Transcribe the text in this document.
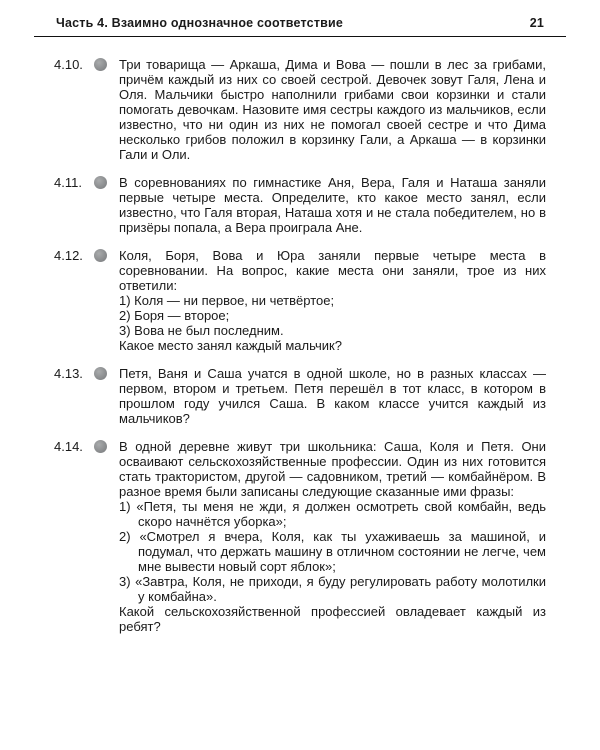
Часть 4. Взаимно однозначное соответствие	21
4.10.	Три товарища — Аркаша, Дима и Вова — пошли в лес за грибами, причём каждый из них со своей сестрой. Девочек зовут Галя, Лена и Оля. Мальчики быстро наполнили грибами свои корзинки и стали помогать девочкам. Назовите имя сестры каждого из мальчиков, если известно, что ни один из них не помогал своей сестре и что Дима несколько грибов положил в корзинку Гали, а Аркаша — в корзинки Гали и Оли.
4.11.	В соревнованиях по гимнастике Аня, Вера, Галя и Наташа заняли первые четыре места. Определите, кто какое место занял, если известно, что Галя вторая, Наташа хотя и не стала победителем, но в призёры попала, а Вера проиграла Ане.
4.12.	Коля, Боря, Вова и Юра заняли первые четыре места в соревновании. На вопрос, какие места они заняли, трое из них ответили:
1) Коля — ни первое, ни четвёртое;
2) Боря — второе;
3) Вова не был последним.
Какое место занял каждый мальчик?
4.13.	Петя, Ваня и Саша учатся в одной школе, но в разных классах — первом, втором и третьем. Петя перешёл в тот класс, в котором в прошлом году учился Саша. В каком классе учится каждый из мальчиков?
4.14.	В одной деревне живут три школьника: Саша, Коля и Петя. Они осваивают сельскохозяйственные профессии. Один из них готовится стать трактористом, другой — садовником, третий — комбайнёром. В разное время были записаны следующие сказанные ими фразы:
1) «Петя, ты меня не жди, я должен осмотреть свой комбайн, ведь скоро начнётся уборка»;
2) «Смотрел я вчера, Коля, как ты ухаживаешь за машиной, и подумал, что держать машину в отличном состоянии не легче, чем мне вывести новый сорт яблок»;
3) «Завтра, Коля, не приходи, я буду регулировать работу молотилки у комбайна».
Какой сельскохозяйственной профессией овладевает каждый из ребят?
